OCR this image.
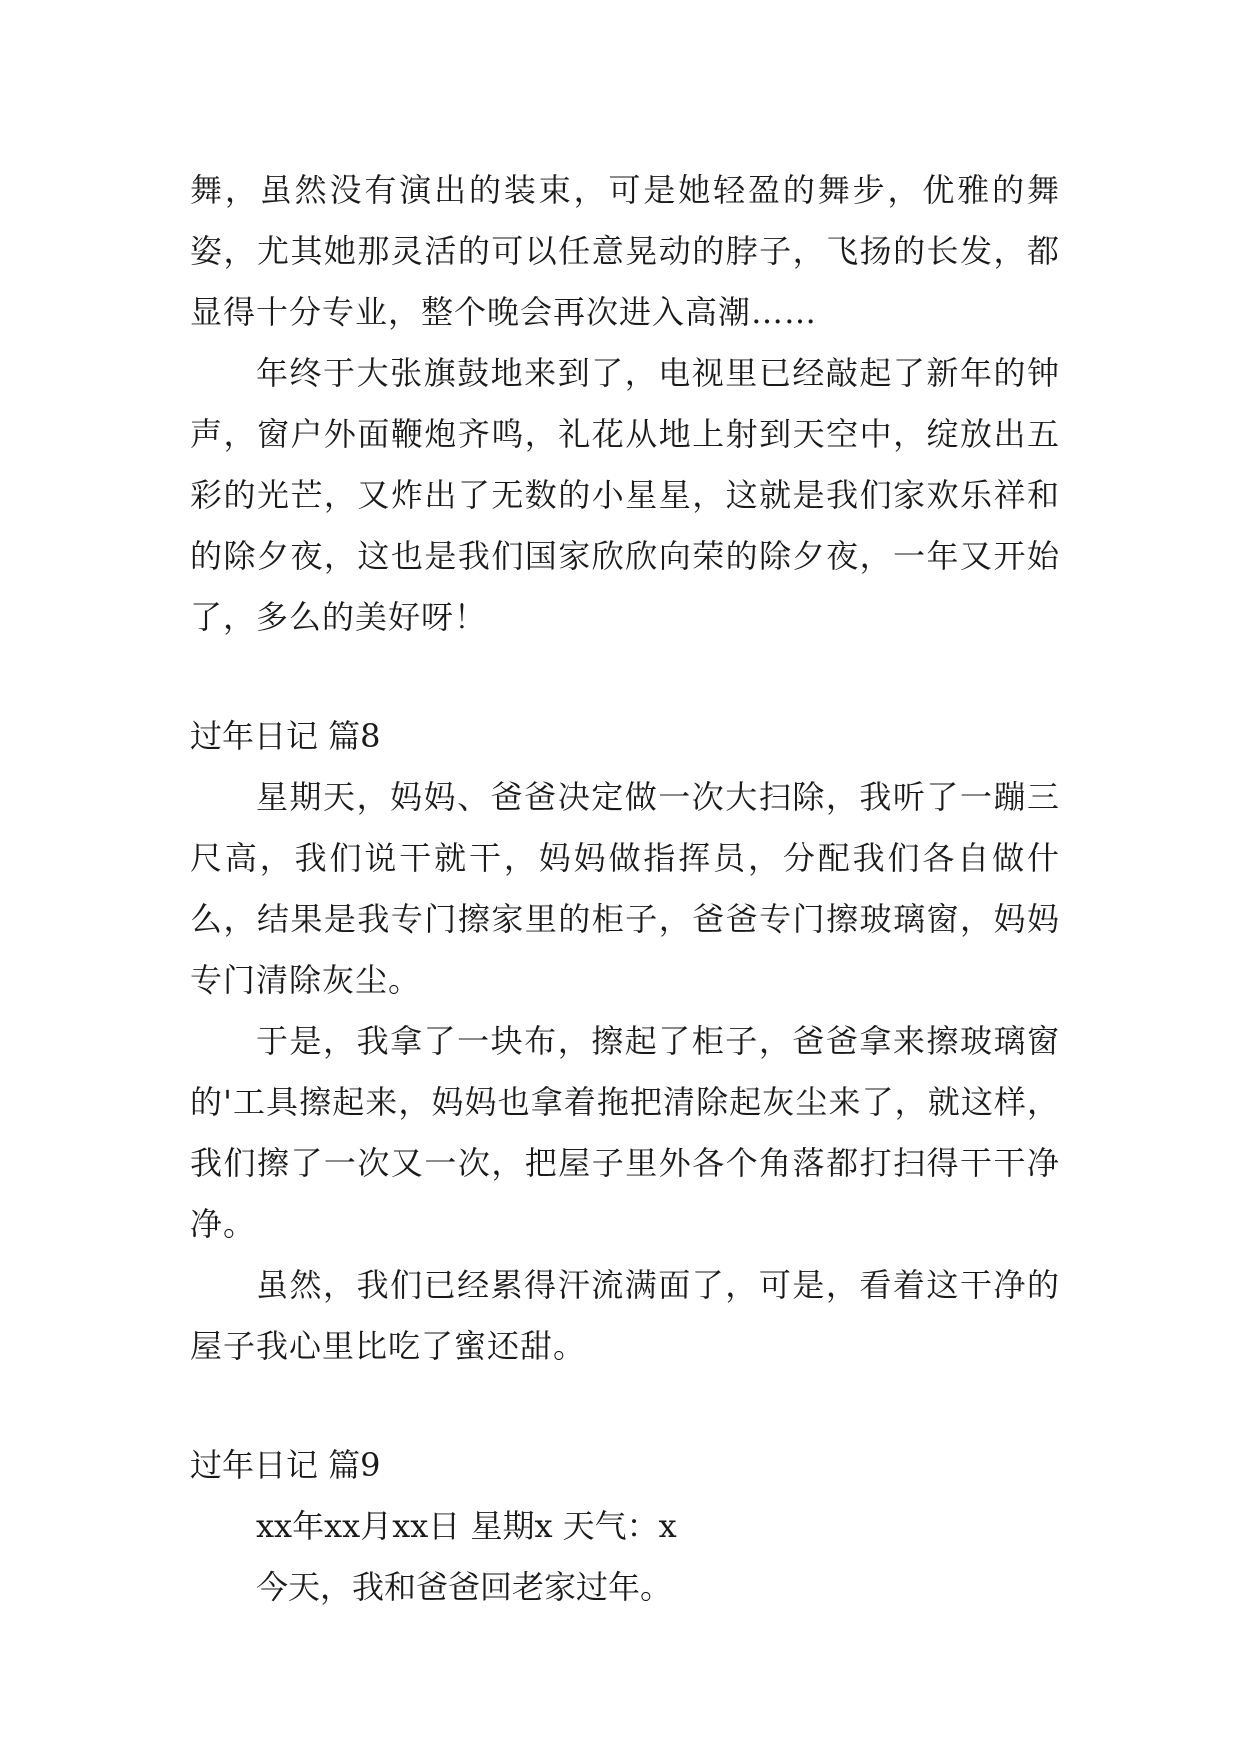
舞，虽然没有演出的装束，可是她轻盈的舞步，优雅的舞姿，尤其她那灵活的可以任意晃动的脖子，飞扬的长发，都显得十分专业，整个晚会再次进入高潮……

年终于大张旗鼓地来到了，电视里已经敲起了新年的钟声，窗户外面鞭炮齐鸣，礼花从地上射到天空中，绽放出五彩的光芒，又炸出了无数的小星星，这就是我们家欢乐祥和的除夕夜，这也是我们国家欣欣向荣的除夕夜，一年又开始了，多么的美好呀！

过年日记 篇8

星期天，妈妈、爸爸决定做一次大扫除，我听了一蹦三尺高，我们说干就干，妈妈做指挥员，分配我们各自做什么，结果是我专门擦家里的柜子，爸爸专门擦玻璃窗，妈妈专门清除灰尘。

于是，我拿了一块布，擦起了柜子，爸爸拿来擦玻璃窗的'工具擦起来，妈妈也拿着拖把清除起灰尘来了，就这样，我们擦了一次又一次，把屋子里外各个角落都打扫得干干净净。

虽然，我们已经累得汗流满面了，可是，看着这干净的屋子我心里比吃了蜜还甜。

过年日记 篇9

xx年xx月xx日 星期x 天气：x

今天，我和爸爸回老家过年。
